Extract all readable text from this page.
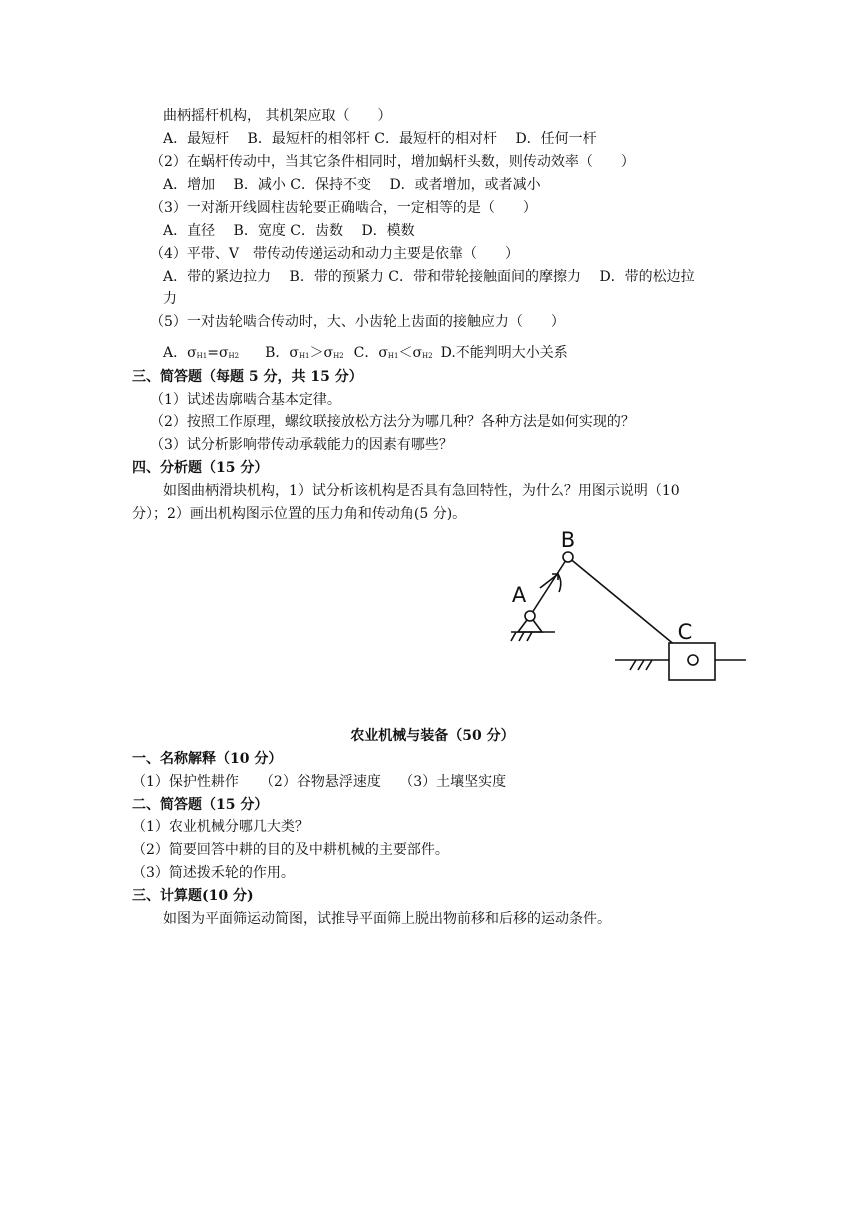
曲柄摇杆机构， 其机架应取（　　）
A．最短杆　 B．最短杆的相邻杆 C．最短杆的相对杆　 D．任何一杆
（2）在蜗杆传动中，当其它条件相同时，增加蜗杆头数，则传动效率（　　）
A．增加　 B．减小 C．保持不变　 D．或者增加，或者减小
（3）一对渐开线圆柱齿轮要正确啮合，一定相等的是（　　）
A．直径　 B．宽度 C．齿数　 D．模数
（4）平带、V　带传动传递运动和动力主要是依靠（　　）
A．带的紧边拉力　 B．带的预紧力 C．带和带轮接触面间的摩擦力　 D．带的松边拉
力
（5）一对齿轮啮合传动时，大、小齿轮上齿面的接触应力（　　）
A．σH1=σH2 B．σH1＞σH2 C．σH1＜σH2 D.不能判明大小关系
三、简答题（每题 5 分，共 15 分）
（1）试述齿廓啮合基本定律。
（2）按照工作原理，螺纹联接放松方法分为哪几种？各种方法是如何实现的？
（3）试分析影响带传动承载能力的因素有哪些？
四、分析题（15 分）
如图曲柄滑块机构，1）试分析该机构是否具有急回特性，为什么？用图示说明（10
分）；2）画出机构图示位置的压力角和传动角(5 分)。
A
B
C
农业机械与装备（50 分）
一、名称解释（10 分）
（1）保护性耕作　　（2）谷物悬浮速度　 （3）土壤坚实度
二、简答题（15 分）
（1）农业机械分哪几大类？
（2）简要回答中耕的目的及中耕机械的主要部件。
（3）简述拨禾轮的作用。
三、计算题(10 分)
如图为平面筛运动简图，试推导平面筛上脱出物前移和后移的运动条件。
